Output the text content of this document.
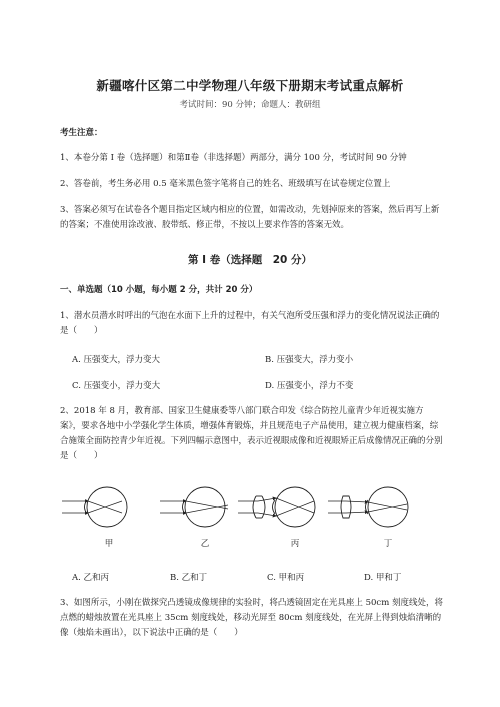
新疆喀什区第二中学物理八年级下册期末考试重点解析
考试时间：90 分钟；命题人：教研组
考生注意：
1、本卷分第 I 卷（选择题）和第Ⅱ卷（非选择题）两部分，满分 100 分，考试时间 90 分钟
2、答卷前，考生务必用 0.5 毫米黑色签字笔将自己的姓名、班级填写在试卷规定位置上
3、答案必须写在试卷各个题目指定区域内相应的位置，如需改动，先划掉原来的答案，然后再写上新的答案；不准使用涂改液、胶带纸、修正带，不按以上要求作答的答案无效。
第 I 卷（选择题　20 分）
一、单选题（10 小题，每小题 2 分，共计 20 分）
1、潜水员潜水时呼出的气泡在水面下上升的过程中，有关气泡所受压强和浮力的变化情况说法正确的是（　　）
A. 压强变大，浮力变大	B. 压强变大，浮力变小
C. 压强变小，浮力变大	D. 压强变小，浮力不变
2、2018 年 8 月，教育部、国家卫生健康委等八部门联合印发《综合防控儿童青少年近视实施方案》，要求各地中小学强化学生体质，增强体育锻炼，并且规范电子产品使用，建立视力健康档案，综合施策全面防控青少年近视。下列四幅示意图中，表示近视眼成像和近视眼矫正后成像情况正确的分别是（　　）
甲	乙	丙	丁
A. 乙和丙	B. 乙和丁	C. 甲和丙	D. 甲和丁
3、如图所示，小刚在做探究凸透镜成像规律的实验时，将凸透镜固定在光具座上 50cm 刻度线处，将点燃的蜡烛放置在光具座上 35cm 刻度线处，移动光屏至 80cm 刻度线处，在光屏上得到烛焰清晰的像（烛焰未画出），以下说法中正确的是（　　）
